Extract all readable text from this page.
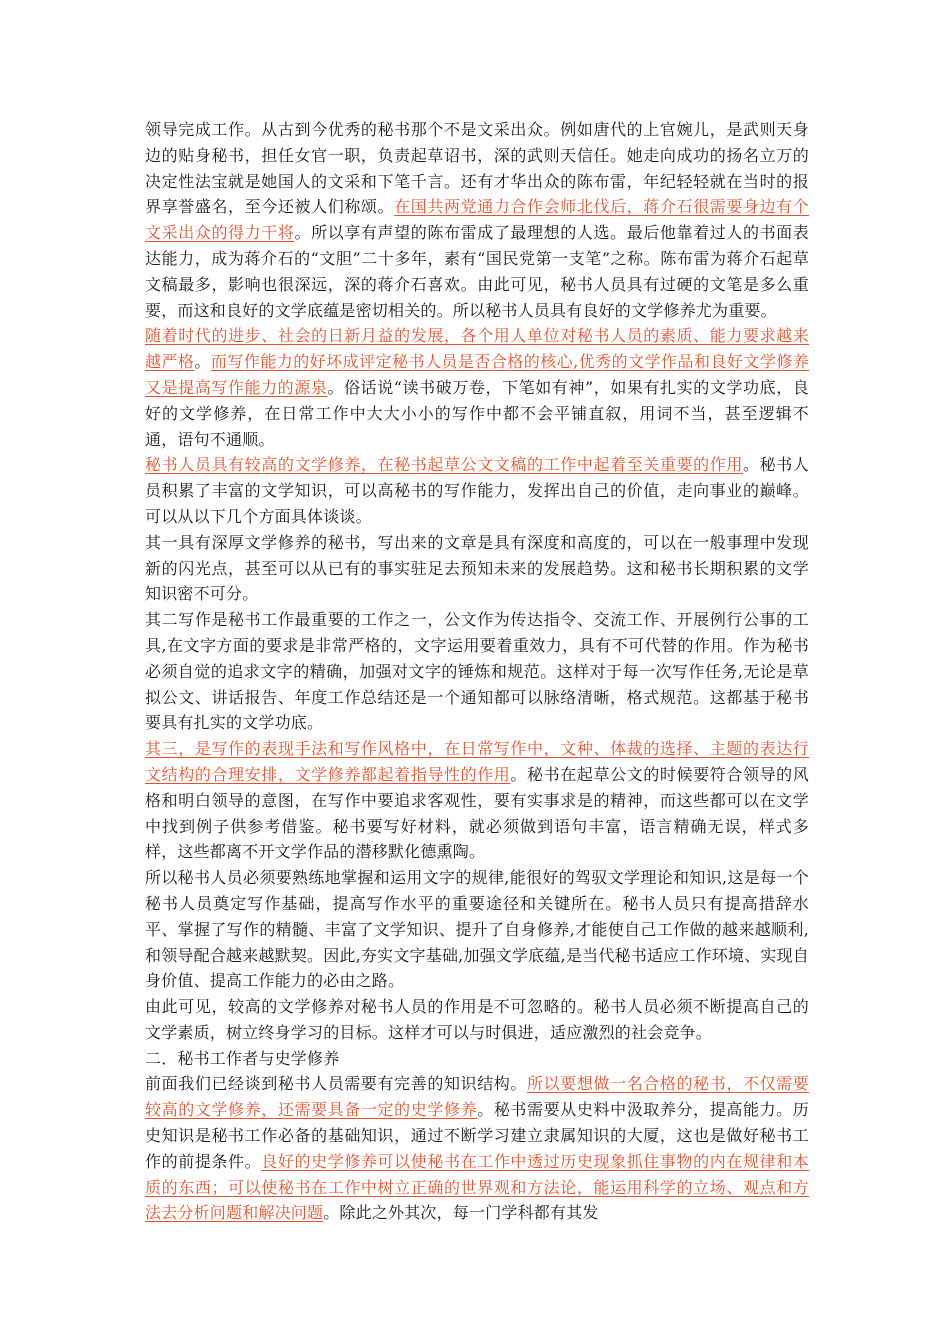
领导完成工作。从古到今优秀的秘书那个不是文采出众。例如唐代的上官婉儿，是武则天身边的贴身秘书，担任女官一职，负责起草诏书，深的武则天信任。她走向成功的扬名立万的决定性法宝就是她国人的文采和下笔千言。还有才华出众的陈布雷，年纪轻轻就在当时的报界享誉盛名，至今还被人们称颂。在国共两党通力合作会师北伐后，蒋介石很需要身边有个文采出众的得力干将。所以享有声望的陈布雷成了最理想的人选。最后他靠着过人的书面表达能力，成为蒋介石的“文胆”二十多年，素有“国民党第一支笔”之称。陈布雷为蒋介石起草文稿最多，影响也很深远，深的蒋介石喜欢。由此可见，秘书人员具有过硬的文笔是多么重要，而这和良好的文学底蕴是密切相关的。所以秘书人员具有良好的文学修养尤为重要。

随着时代的进步、社会的日新月益的发展，各个用人单位对秘书人员的素质、能力要求越来越严格。而写作能力的好坏成评定秘书人员是否合格的核心,优秀的文学作品和良好文学修养又是提高写作能力的源泉。俗话说“读书破万卷，下笔如有神”，如果有扎实的文学功底，良好的文学修养，在日常工作中大大小小的写作中都不会平铺直叙，用词不当，甚至逻辑不通，语句不通顺。

秘书人员具有较高的文学修养，在秘书起草公文文稿的工作中起着至关重要的作用。秘书人员积累了丰富的文学知识，可以高秘书的写作能力，发挥出自己的价值，走向事业的巅峰。可以从以下几个方面具体谈谈。

其一具有深厚文学修养的秘书，写出来的文章是具有深度和高度的，可以在一般事理中发现新的闪光点，甚至可以从已有的事实驻足去预知未来的发展趋势。这和秘书长期积累的文学知识密不可分。

其二写作是秘书工作最重要的工作之一，公文作为传达指令、交流工作、开展例行公事的工具,在文字方面的要求是非常严格的，文字运用要着重效力，具有不可代替的作用。作为秘书必须自觉的追求文字的精确，加强对文字的锤炼和规范。这样对于每一次写作任务,无论是草拟公文、讲话报告、年度工作总结还是一个通知都可以脉络清晰，格式规范。这都基于秘书要具有扎实的文学功底。

其三，是写作的表现手法和写作风格中，在日常写作中，文种、体裁的选择、主题的表达行文结构的合理安排，文学修养都起着指导性的作用。秘书在起草公文的时候要符合领导的风格和明白领导的意图，在写作中要追求客观性，要有实事求是的精神，而这些都可以在文学中找到例子供参考借鉴。秘书要写好材料，就必须做到语句丰富，语言精确无误，样式多样，这些都离不开文学作品的潜移默化德熏陶。

所以秘书人员必须要熟练地掌握和运用文字的规律,能很好的驾驭文学理论和知识,这是每一个秘书人员奠定写作基础，提高写作水平的重要途径和关键所在。秘书人员只有提高措辞水平、掌握了写作的精髓、丰富了文学知识、提升了自身修养,才能使自己工作做的越来越顺利,和领导配合越来越默契。因此,夯实文字基础,加强文学底蕴,是当代秘书适应工作环境、实现自身价值、提高工作能力的必由之路。

由此可见，较高的文学修养对秘书人员的作用是不可忽略的。秘书人员必须不断提高自己的文学素质，树立终身学习的目标。这样才可以与时俱进，适应激烈的社会竞争。

二．秘书工作者与史学修养

前面我们已经谈到秘书人员需要有完善的知识结构。所以要想做一名合格的秘书，不仅需要较高的文学修养，还需要具备一定的史学修养。秘书需要从史料中汲取养分，提高能力。历史知识是秘书工作必备的基础知识，通过不断学习建立隶属知识的大厦，这也是做好秘书工作的前提条件。良好的史学修养可以使秘书在工作中透过历史现象抓住事物的内在规律和本质的东西；可以使秘书在工作中树立正确的世界观和方法论，能运用科学的立场、观点和方法去分析问题和解决问题。除此之外其次，每一门学科都有其发
